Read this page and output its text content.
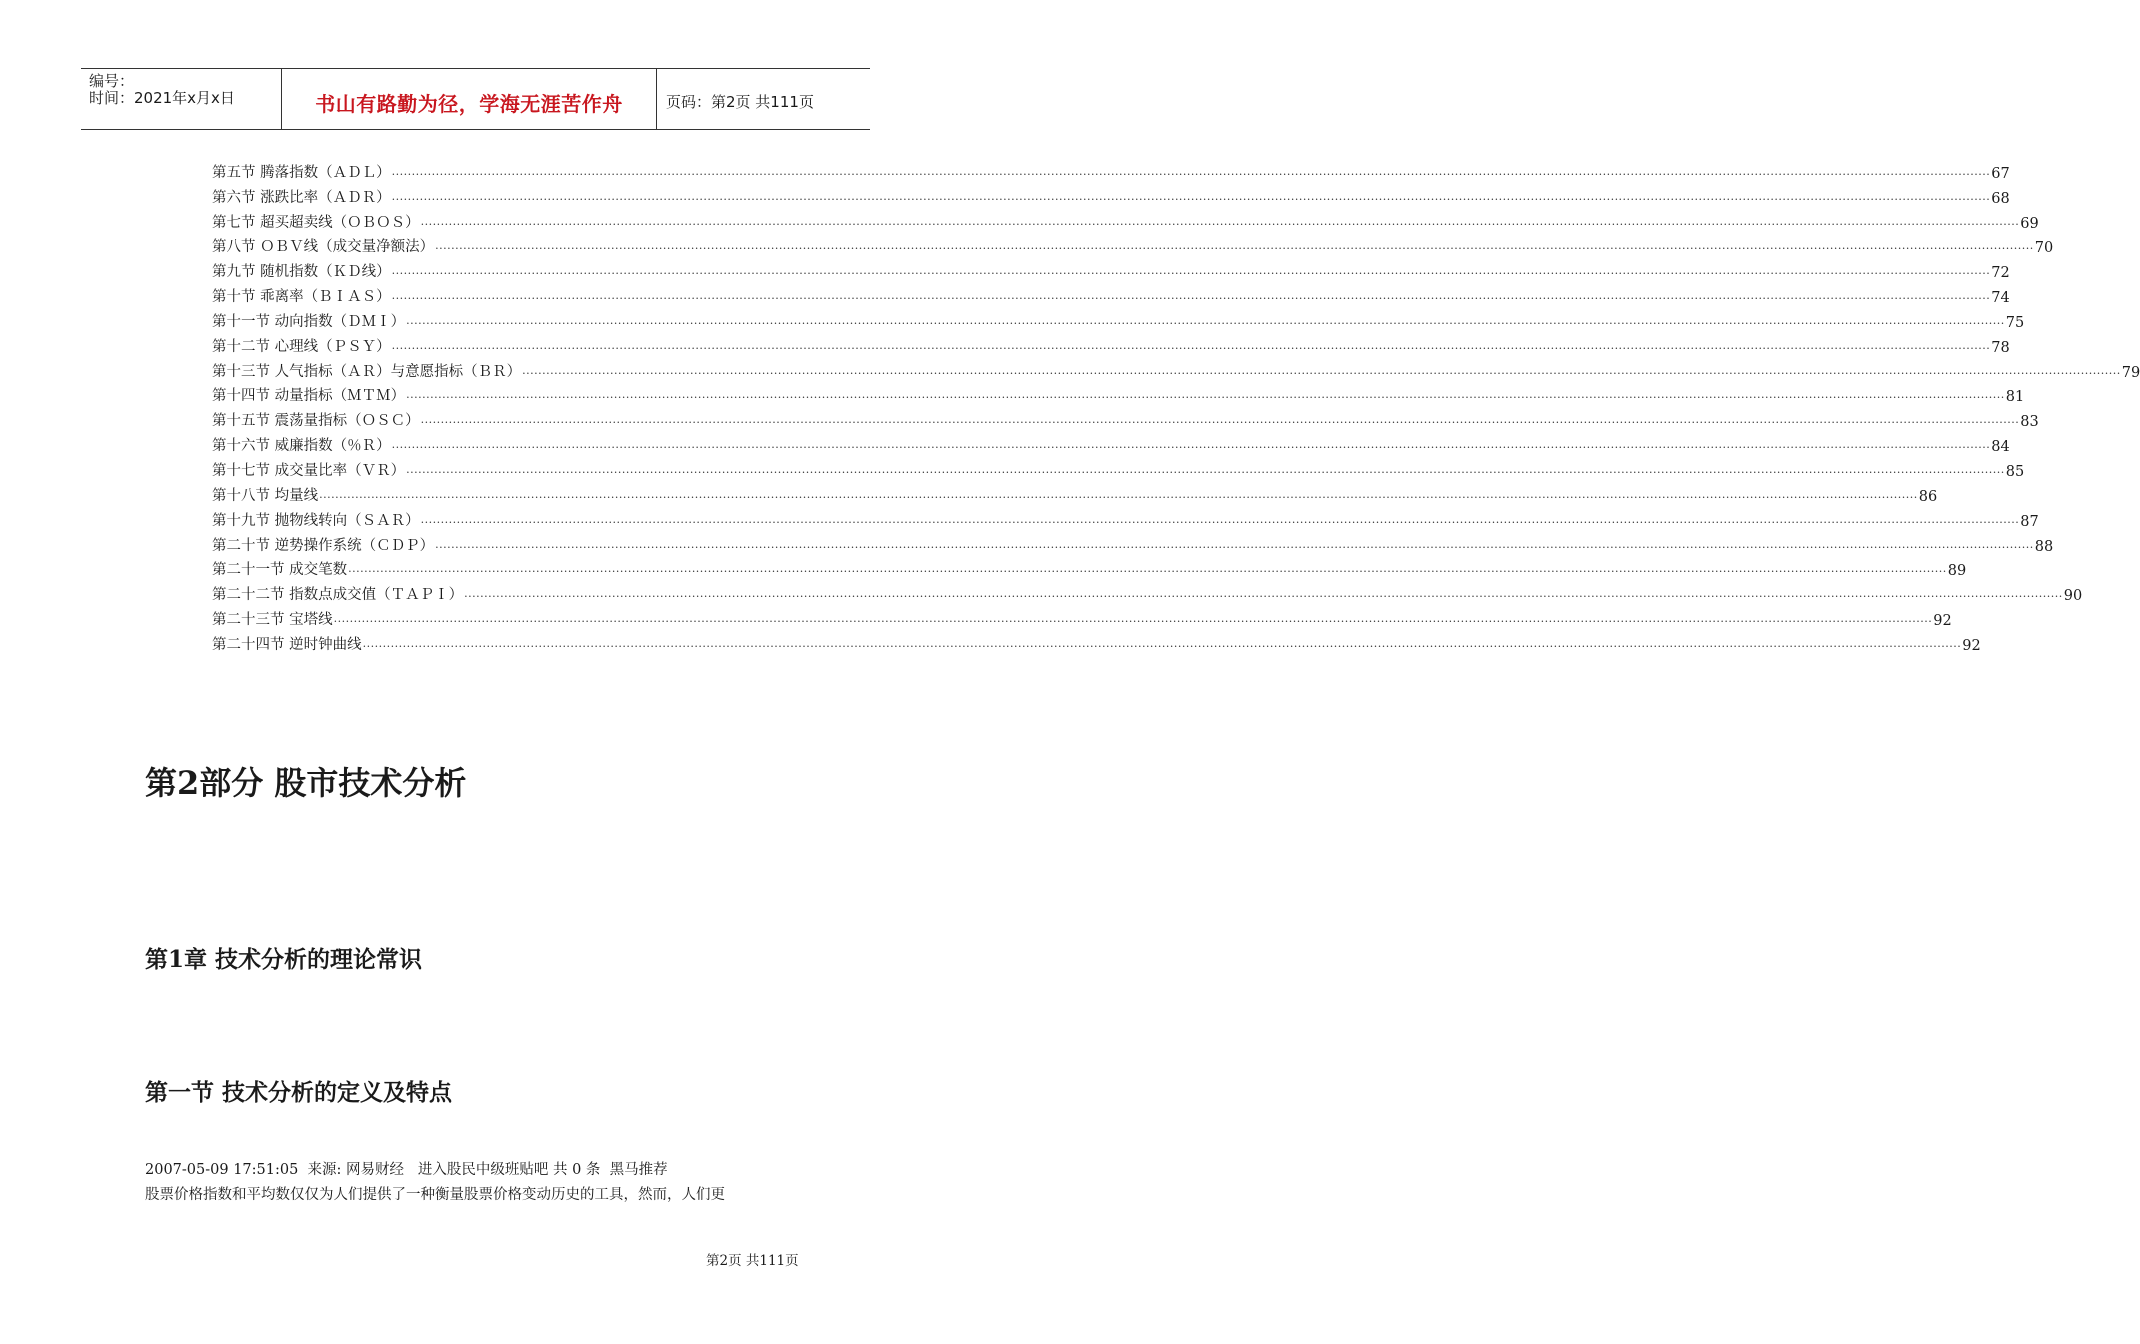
编号：
时间：2021年x月x日	书山有路勤为径，学海无涯苦作舟	页码：第2页 共111页
第五节 腾落指数（ＡＤＬ） ................................................................................................................................................................................................................................................................................................................................................................................................................ 67
第六节 涨跌比率（ＡＤＲ） ................................................................................................................................................................................................................................................................................................................................................................................................................ 68
第七节 超买超卖线（ＯＢＯＳ） ................................................................................................................................................................................................................................................................................................................................................................................................................ 69
第八节 ＯＢＶ线（成交量净额法） ................................................................................................................................................................................................................................................................................................................................................................................................................ 70
第九节 随机指数（ＫＤ线） ................................................................................................................................................................................................................................................................................................................................................................................................................ 72
第十节 乖离率（ＢＩＡＳ） ................................................................................................................................................................................................................................................................................................................................................................................................................ 74
第十一节 动向指数（ＤＭＩ） ................................................................................................................................................................................................................................................................................................................................................................................................................ 75
第十二节 心理线（ＰＳＹ） ................................................................................................................................................................................................................................................................................................................................................................................................................ 78
第十三节 人气指标（ＡＲ）与意愿指标（ＢＲ） ................................................................................................................................................................................................................................................................................................................................................................................................................ 79
第十四节 动量指标（ＭＴＭ） ................................................................................................................................................................................................................................................................................................................................................................................................................ 81
第十五节 震荡量指标（ＯＳＣ） ................................................................................................................................................................................................................................................................................................................................................................................................................ 83
第十六节 威廉指数（％Ｒ） ................................................................................................................................................................................................................................................................................................................................................................................................................ 84
第十七节 成交量比率（ＶＲ） ................................................................................................................................................................................................................................................................................................................................................................................................................ 85
第十八节 均量线 ................................................................................................................................................................................................................................................................................................................................................................................................................ 86
第十九节 抛物线转向（ＳＡＲ） ................................................................................................................................................................................................................................................................................................................................................................................................................ 87
第二十节 逆势操作系统（ＣＤＰ） ................................................................................................................................................................................................................................................................................................................................................................................................................ 88
第二十一节 成交笔数 ................................................................................................................................................................................................................................................................................................................................................................................................................ 89
第二十二节 指数点成交值（ＴＡＰＩ） ................................................................................................................................................................................................................................................................................................................................................................................................................ 90
第二十三节 宝塔线 ................................................................................................................................................................................................................................................................................................................................................................................................................ 92
第二十四节 逆时钟曲线 ................................................................................................................................................................................................................................................................................................................................................................................................................ 92
第2部分 股市技术分析
第1章 技术分析的理论常识
第一节 技术分析的定义及特点
2007-05-09 17:51:05  来源: 网易财经   进入股民中级班贴吧 共 0 条  黑马推荐
股票价格指数和平均数仅仅为人们提供了一种衡量股票价格变动历史的工具，然而，人们更
第2页 共111页
